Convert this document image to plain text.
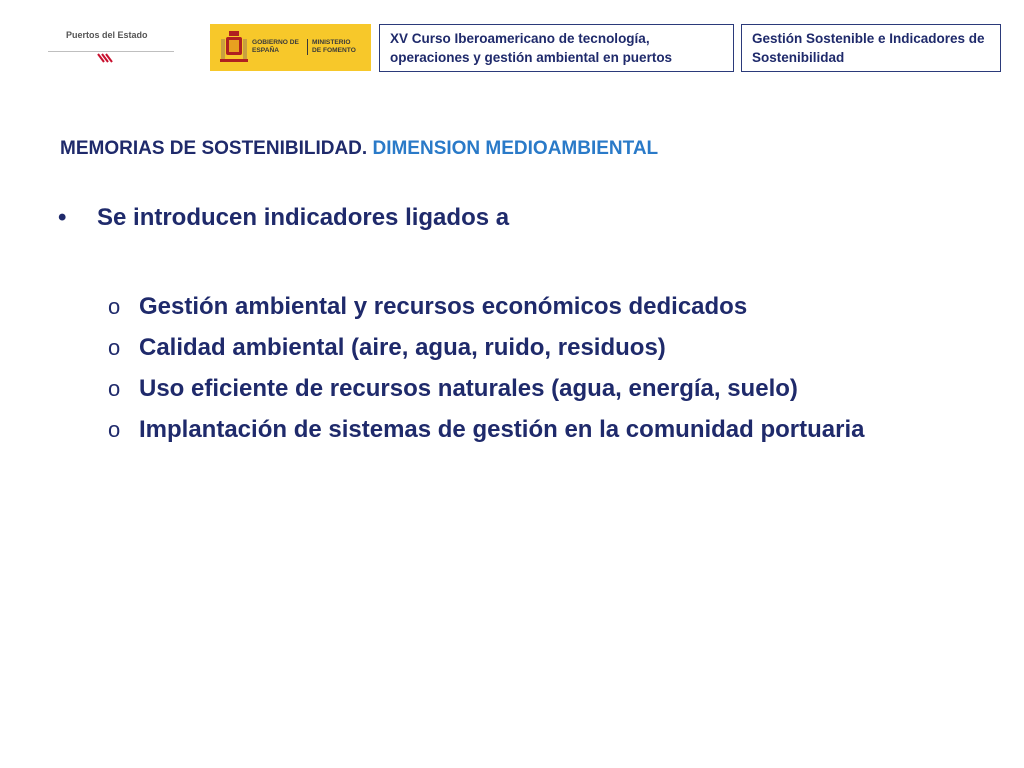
Puertos del Estado
GOBIERNO DE ESPAÑA
MINISTERIO DE FOMENTO
XV Curso Iberoamericano de tecnología, operaciones y gestión ambiental en puertos
Gestión Sostenible e Indicadores de Sostenibilidad
MEMORIAS DE SOSTENIBILIDAD. DIMENSION MEDIOAMBIENTAL
• Se introducen indicadores ligados a
o Gestión ambiental y recursos económicos dedicados
o Calidad ambiental (aire, agua, ruido, residuos)
o Uso eficiente de recursos naturales (agua, energía, suelo)
o Implantación de sistemas de gestión en la comunidad portuaria
